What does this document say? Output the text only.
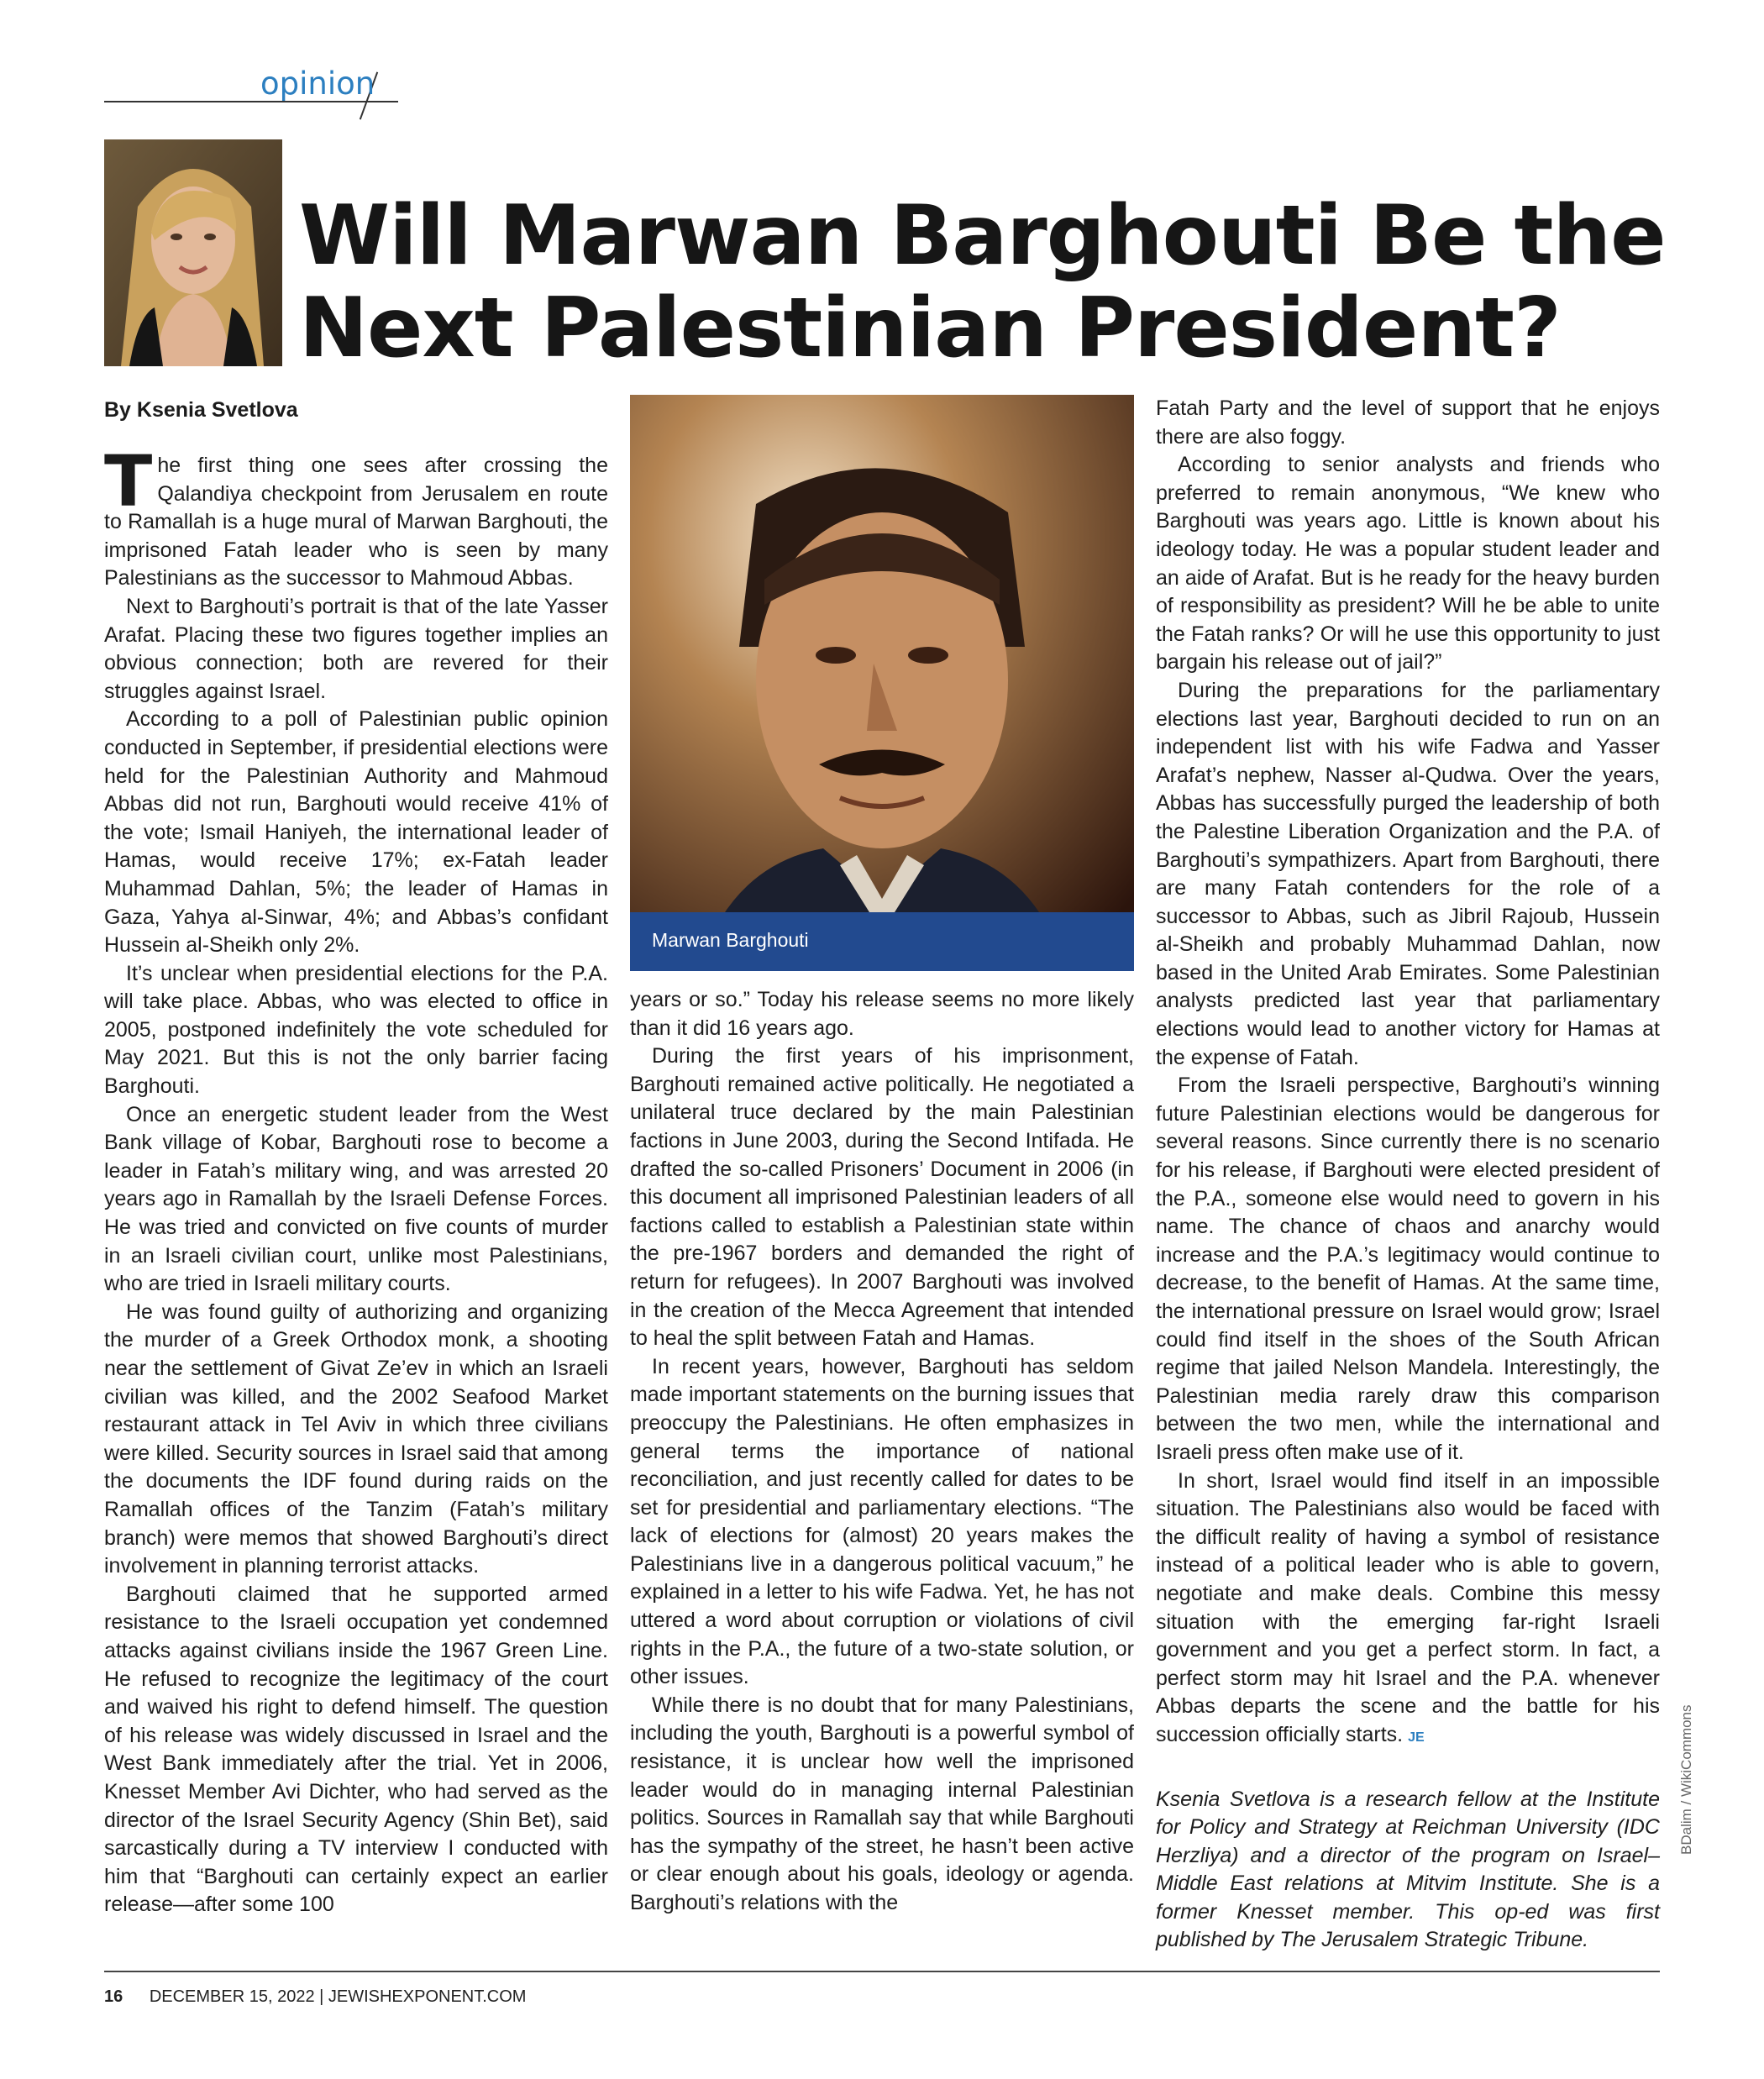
opinion
Will Marwan Barghouti Be the
Next Palestinian President?
By Ksenia Svetlova

The first thing one sees after crossing the Qalandiya checkpoint from Jerusalem en route to Ramallah is a huge mural of Marwan Barghouti, the imprisoned Fatah leader who is seen by many Palestinians as the successor to Mahmoud Abbas.

Next to Barghouti’s portrait is that of the late Yasser Arafat. Placing these two figures together implies an obvious connection; both are revered for their struggles against Israel.

According to a poll of Palestinian public opinion conducted in September, if presidential elections were held for the Palestinian Authority and Mahmoud Abbas did not run, Barghouti would receive 41% of the vote; Ismail Haniyeh, the international leader of Hamas, would receive 17%; ex-Fatah leader Muhammad Dahlan, 5%; the leader of Hamas in Gaza, Yahya al-Sinwar, 4%; and Abbas’s confidant Hussein al-Sheikh only 2%.

It’s unclear when presidential elections for the P.A. will take place. Abbas, who was elected to office in 2005, postponed indefinitely the vote scheduled for May 2021. But this is not the only barrier facing Barghouti.

Once an energetic student leader from the West Bank village of Kobar, Barghouti rose to become a leader in Fatah’s military wing, and was arrested 20 years ago in Ramallah by the Israeli Defense Forces. He was tried and convicted on five counts of murder in an Israeli civilian court, unlike most Palestinians, who are tried in Israeli military courts.

He was found guilty of authorizing and organizing the murder of a Greek Orthodox monk, a shooting near the settlement of Givat Ze’ev in which an Israeli civilian was killed, and the 2002 Seafood Market restaurant attack in Tel Aviv in which three civilians were killed. Security sources in Israel said that among the documents the IDF found during raids on the Ramallah offices of the Tanzim (Fatah’s military branch) were memos that showed Barghouti’s direct involvement in planning terrorist attacks.

Barghouti claimed that he supported armed resistance to the Israeli occupation yet condemned attacks against civilians inside the 1967 Green Line. He refused to recognize the legitimacy of the court and waived his right to defend himself. The question of his release was widely discussed in Israel and the West Bank immediately after the trial. Yet in 2006, Knesset Member Avi Dichter, who had served as the director of the Israel Security Agency (Shin Bet), said sarcastically during a TV interview I conducted with him that “Barghouti can certainly expect an earlier release—after some 100

Marwan Barghouti

years or so.” Today his release seems no more likely than it did 16 years ago.

During the first years of his imprisonment, Barghouti remained active politically. He negotiated a unilateral truce declared by the main Palestinian factions in June 2003, during the Second Intifada. He drafted the so-called Prisoners’ Document in 2006 (in this document all imprisoned Palestinian leaders of all factions called to establish a Palestinian state within the pre-1967 borders and demanded the right of return for refugees). In 2007 Barghouti was involved in the creation of the Mecca Agreement that intended to heal the split between Fatah and Hamas.

In recent years, however, Barghouti has seldom made important statements on the burning issues that preoccupy the Palestinians. He often emphasizes in general terms the importance of national reconciliation, and just recently called for dates to be set for presidential and parliamentary elections. “The lack of elections for (almost) 20 years makes the Palestinians live in a dangerous political vacuum,” he explained in a letter to his wife Fadwa. Yet, he has not uttered a word about corruption or violations of civil rights in the P.A., the future of a two-state solution, or other issues.

While there is no doubt that for many Palestinians, including the youth, Barghouti is a powerful symbol of resistance, it is unclear how well the imprisoned leader would do in managing internal Palestinian politics. Sources in Ramallah say that while Barghouti has the sympathy of the street, he hasn’t been active or clear enough about his goals, ideology or agenda. Barghouti’s relations with the

Fatah Party and the level of support that he enjoys there are also foggy.

According to senior analysts and friends who preferred to remain anonymous, “We knew who Barghouti was years ago. Little is known about his ideology today. He was a popular student leader and an aide of Arafat. But is he ready for the heavy burden of responsibility as president? Will he be able to unite the Fatah ranks? Or will he use this opportunity to just bargain his release out of jail?”

During the preparations for the parliamentary elections last year, Barghouti decided to run on an independent list with his wife Fadwa and Yasser Arafat’s nephew, Nasser al-Qudwa. Over the years, Abbas has successfully purged the leadership of both the Palestine Liberation Organization and the P.A. of Barghouti’s sympathizers. Apart from Barghouti, there are many Fatah contenders for the role of a successor to Abbas, such as Jibril Rajoub, Hussein al-Sheikh and probably Muhammad Dahlan, now based in the United Arab Emirates. Some Palestinian analysts predicted last year that parliamentary elections would lead to another victory for Hamas at the expense of Fatah.

From the Israeli perspective, Barghouti’s winning future Palestinian elections would be dangerous for several reasons. Since currently there is no scenario for his release, if Barghouti were elected president of the P.A., someone else would need to govern in his name. The chance of chaos and anarchy would increase and the P.A.’s legitimacy would continue to decrease, to the benefit of Hamas. At the same time, the international pressure on Israel would grow; Israel could find itself in the shoes of the South African regime that jailed Nelson Mandela. Interestingly, the Palestinian media rarely draw this comparison between the two men, while the international and Israeli press often make use of it.

In short, Israel would find itself in an impossible situation. The Palestinians also would be faced with the difficult reality of having a symbol of resistance instead of a political leader who is able to govern, negotiate and make deals. Combine this messy situation with the emerging far-right Israeli government and you get a perfect storm. In fact, a perfect storm may hit Israel and the P.A. whenever Abbas departs the scene and the battle for his succession officially starts. JE

Ksenia Svetlova is a research fellow at the Institute for Policy and Strategy at Reichman University (IDC Herzliya) and a director of the program on Israel–Middle East relations at Mitvim Institute. She is a former Knesset member. This op-ed was first published by The Jerusalem Strategic Tribune.

BDalim / WikiCommons
16 DECEMBER 15, 2022 | JEWISHEXPONENT.COM
